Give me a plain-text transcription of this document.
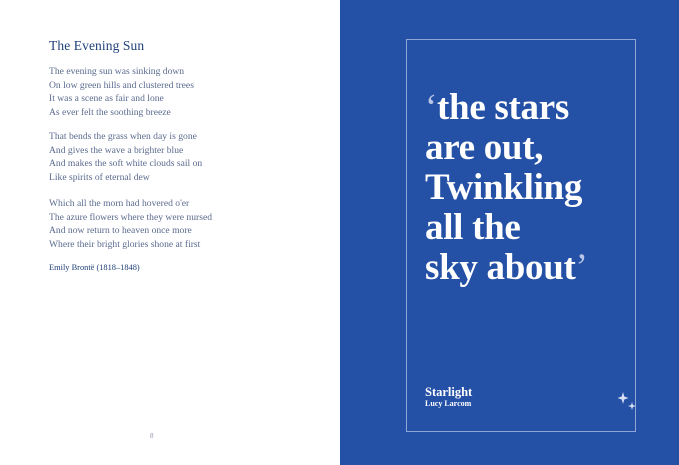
The Evening Sun
The evening sun was sinking down
On low green hills and clustered trees
It was a scene as fair and lone
As ever felt the soothing breeze
That bends the grass when day is gone
And gives the wave a brighter blue
And makes the soft white clouds sail on
Like spirits of eternal dew
Which all the morn had hovered o'er
The azure flowers where they were nursed
And now return to heaven once more
Where their bright glories shone at first
Emily Brontë (1818–1848)
8
‘the stars
are out,
Twinkling
all the
sky about’
Starlight
Lucy Larcom
